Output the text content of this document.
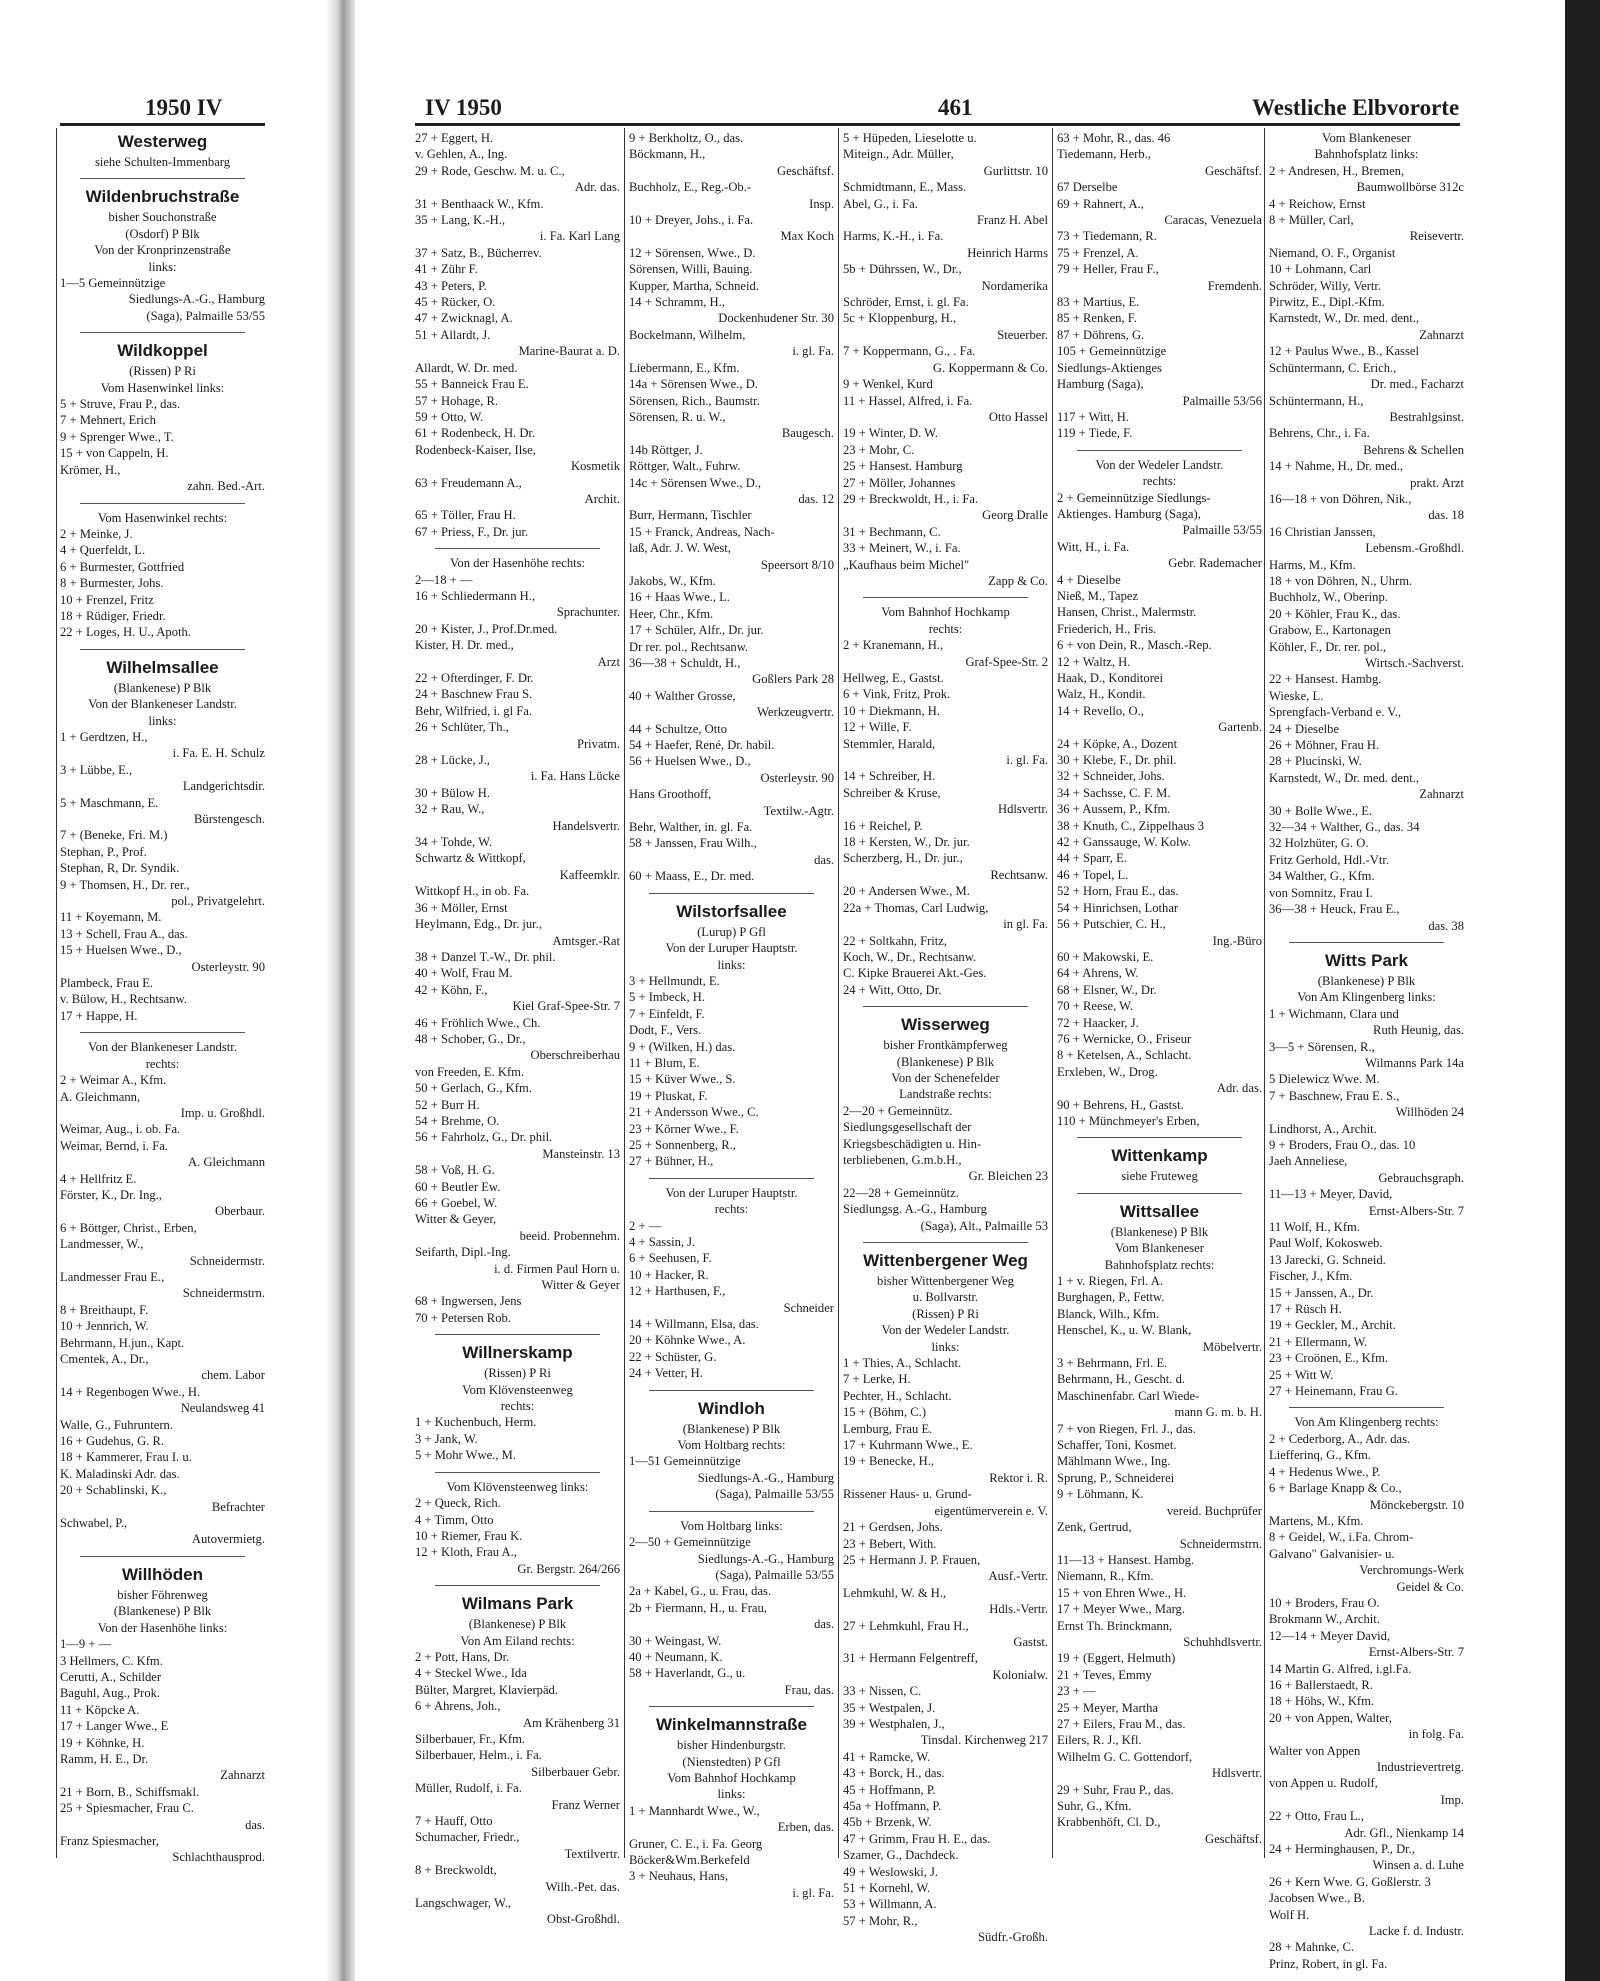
1950 IV	IV 1950	461	Westliche Elbvororte
Westerweg
siehe Schulten-Immenbarg
Wildenbruchstraße
bisher Souchonstraße
(Osdorf) P Blk
Von der Kronprinzenstraße
links:
1—5 Gemeinnützige
Siedlungs-A.-G., Hamburg
(Saga), Palmaille 53/55
Wildkoppel
(Rissen) P Ri
Vom Hasenwinkel links:
5 + Struve, Frau P., das.
7 + Mehnert, Erich
9 + Sprenger Wwe., T.
15 + von Cappeln, H.
Krömer, H.,
zahn. Bed.-Art.
Vom Hasenwinkel rechts:
2 + Meinke, J.
4 + Querfeldt, L.
6 + Burmester, Gottfried
8 + Burmester, Johs.
10 + Frenzel, Fritz
18 + Rüdiger, Friedr.
22 + Loges, H. U., Apoth.
Wilhelmsallee
(Blankenese) P Blk
Von der Blankeneser Landstr.
links:
1 + Gerdtzen, H.,
i. Fa. E. H. Schulz
3 + Lübbe, E.,
Landgerichtsdir.
5 + Maschmann, E.
Bürstengesch.
7 + (Beneke, Fri. M.)
Stephan, P., Prof.
Stephan, R, Dr. Syndik.
9 + Thomsen, H., Dr. rer.,
pol., Privatgelehrt.
11 + Koyemann, M.
13 + Schell, Frau A., das.
15 + Huelsen Wwe., D.,
Osterleystr. 90
Plambeck, Frau E.
v. Bülow, H., Rechtsanw.
17 + Happe, H.
Von der Blankeneser Landstr.
rechts:
2 + Weimar A., Kfm.
A. Gleichmann,
Imp. u. Großhdl.
Weimar, Aug., i. ob. Fa.
Weimar, Bernd, i. Fa.
A. Gleichmann
4 + Hellfritz E.
Förster, K., Dr. Ing.,
Oberbaur.
6 + Böttger, Christ., Erben,
Landmesser, W.,
Schneidermstr.
Landmesser Frau E.,
Schneidermstrn.
8 + Breithaupt, F.
10 + Jennrich, W.
Behrmann, H.jun., Kapt.
Cmentek, A., Dr.,
chem. Labor
14 + Regenbogen Wwe., H.
Neulandsweg 41
Walle, G., Fuhruntern.
16 + Gudehus, G. R.
18 + Kammerer, Frau I. u.
K. Maladinski Adr. das.
20 + Schablinski, K.,
Befrachter
Schwabel, P.,
Autovermietg.
Willhöden
bisher Föhrenweg
(Blankenese) P Blk
Von der Hasenhöhe links:
1—9 + —
3 Hellmers, C. Kfm.
Cerutti, A., Schilder
Baguhl, Aug., Prok.
11 + Köpcke A.
17 + Langer Wwe., E
19 + Köhnke, H.
Ramm, H. E., Dr.
Zahnarzt
21 + Born, B., Schiffsmakl.
25 + Spiesmacher, Frau C.
das.
Franz Spiesmacher,
Schlachthausprod.
27 + Eggert, H.
v. Gehlen, A., Ing.
29 + Rode, Geschw. M. u. C.,
Adr. das.
31 + Benthaack W., Kfm.
35 + Lang, K.-H.,
i. Fa. Karl Lang
37 + Satz, B., Bücherrev.
41 + Zühr F.
43 + Peters, P.
45 + Rücker, O.
47 + Zwicknagl, A.
51 + Allardt, J.
Marine-Baurat a. D.
Allardt, W. Dr. med.
55 + Banneick Frau E.
57 + Hohage, R.
59 + Otto, W.
61 + Rodenbeck, H. Dr.
Rodenbeck-Kaiser, Ilse,
Kosmetik
63 + Freudemann A.,
Archit.
65 + Töller, Frau H.
67 + Priess, F., Dr. jur.
Von der Hasenhöhe rechts:
2—18 + —
16 + Schliedermann H.,
Sprachunter.
20 + Kister, J., Prof.Dr.med.
Kister, H. Dr. med.,
Arzt
22 + Ofterdinger, F. Dr.
24 + Baschnew Frau S.
Behr, Wilfried, i. gl Fa.
26 + Schlüter, Th.,
Privatm.
28 + Lücke, J.,
i. Fa. Hans Lücke
30 + Bülow H.
32 + Rau, W.,
Handelsvertr.
34 + Tohde, W.
Schwartz & Wittkopf,
Kaffeemklr.
Wittkopf H., in ob. Fa.
36 + Möller, Ernst
Heylmann, Edg., Dr. jur.,
Amtsger.-Rat
38 + Danzel T.-W., Dr. phil.
40 + Wolf, Frau M.
42 + Köhn, F.,
Kiel Graf-Spee-Str. 7
46 + Fröhlich Wwe., Ch.
48 + Schober, G., Dr.,
Oberschreiberhau
von Freeden, E. Kfm.
50 + Gerlach, G., Kfm.
52 + Burr H.
54 + Brehme, O.
56 + Fahrholz, G., Dr. phil.
Mansteinstr. 13
58 + Voß, H. G.
60 + Beutler Ew.
66 + Goebel, W.
Witter & Geyer,
beeid. Probennehm.
Seifarth, Dipl.-Ing.
i. d. Firmen Paul Horn u.
Witter & Geyer
68 + Ingwersen, Jens
70 + Petersen Rob.
Willnerskamp
(Rissen) P Ri
Vom Klövensteenweg
rechts:
1 + Kuchenbuch, Herm.
3 + Jank, W.
5 + Mohr Wwe., M.
Vom Klövensteenweg links:
2 + Queck, Rich.
4 + Timm, Otto
10 + Riemer, Frau K.
12 + Kloth, Frau A.,
Gr. Bergstr. 264/266
Wilmans Park
(Blankenese) P Blk
Von Am Eiland rechts:
2 + Pott, Hans, Dr.
4 + Steckel Wwe., Ida
Bülter, Margret, Klavierpäd.
6 + Ahrens, Joh.,
Am Krähenberg 31
Silberbauer, Fr., Kfm.
Silberbauer, Helm., i. Fa.
Silberbauer Gebr.
Müller, Rudolf, i. Fa.
Franz Werner
7 + Hauff, Otto
Schumacher, Friedr.,
Textilvertr.
8 + Breckwoldt,
Wilh.-Pet. das.
Langschwager, W.,
Obst-Großhdl.
9 + Berkholtz, O., das.
Böckmann, H.,
Geschäftsf.
Buchholz, E., Reg.-Ob.-
Insp.
10 + Dreyer, Johs., i. Fa.
Max Koch
12 + Sörensen, Wwe., D.
Sörensen, Willi, Bauing.
Kupper, Martha, Schneid.
14 + Schramm, H.,
Dockenhudener Str. 30
Bockelmann, Wilhelm,
i. gl. Fa.
Liebermann, E., Kfm.
14a + Sörensen Wwe., D.
Sörensen, Rich., Baumstr.
Sörensen, R. u. W.,
Baugesch.
14b Röttger, J.
Röttger, Walt., Fuhrw.
14c + Sörensen Wwe., D.,
das. 12
Burr, Hermann, Tischler
15 + Franck, Andreas, Nach-
laß, Adr. J. W. West,
Speersort 8/10
Jakobs, W., Kfm.
16 + Haas Wwe., L.
Heer, Chr., Kfm.
17 + Schüler, Alfr., Dr. jur.
Dr rer. pol., Rechtsanw.
36—38 + Schuldt, H.,
Goßlers Park 28
40 + Walther Grosse,
Werkzeugvertr.
44 + Schultze, Otto
54 + Haefer, René, Dr. habil.
56 + Huelsen Wwe., D.,
Osterleystr. 90
Hans Groothoff,
Textilw.-Agtr.
Behr, Walther, in. gl. Fa.
58 + Janssen, Frau Wilh.,
das.
60 + Maass, E., Dr. med.
Wilstorfsallee
(Lurup) P Gfl
Von der Luruper Hauptstr.
links:
3 + Hellmundt, E.
5 + Imbeck, H.
7 + Einfeldt, F.
Dodt, F., Vers.
9 + (Wilken, H.) das.
11 + Blum, E.
15 + Küver Wwe., S.
19 + Pluskat, F.
21 + Andersson Wwe., C.
23 + Körner Wwe., F.
25 + Sonnenberg, R.,
27 + Bühner, H.,
Von der Luruper Hauptstr.
rechts:
2 + —
4 + Sassin, J.
6 + Seehusen, F.
10 + Hacker, R.
12 + Harthusen, F.,
Schneider
14 + Willmann, Elsa, das.
20 + Köhnke Wwe., A.
22 + Schüster, G.
24 + Vetter, H.
Windloh
(Blankenese) P Blk
Vom Holtbarg rechts:
1—51 Gemeinnützige
Siedlungs-A.-G., Hamburg
(Saga), Palmaille 53/55
Vom Holtbarg links:
2—50 + Gemeinnützige
Siedlungs-A.-G., Hamburg
(Saga), Palmaille 53/55
2a + Kabel, G., u. Frau, das.
2b + Fiermann, H., u. Frau,
das.
30 + Weingast, W.
40 + Neumann, K.
58 + Haverlandt, G., u.
Frau, das.
Winkelmannstraße
bisher Hindenburgstr.
(Nienstedten) P Gfl
Vom Bahnhof Hochkamp
links:
1 + Mannhardt Wwe., W.,
Erben, das.
Gruner, C. E., i. Fa. Georg
Böcker&Wm.Berkefeld
3 + Neuhaus, Hans,
i. gl. Fa.
5 + Hüpeden, Lieselotte u.
Miteign., Adr. Müller,
Gurlittstr. 10
Schmidtmann, E., Mass.
Abel, G., i. Fa.
Franz H. Abel
Harms, K.-H., i. Fa.
Heinrich Harms
5b + Dührssen, W., Dr.,
Nordamerika
Schröder, Ernst, i. gl. Fa.
5c + Kloppenburg, H.,
Steuerber.
7 + Koppermann, G., . Fa.
G. Koppermann & Co.
9 + Wenkel, Kurd
11 + Hassel, Alfred, i. Fa.
Otto Hassel
19 + Winter, D. W.
23 + Mohr, C.
25 + Hansest. Hamburg
27 + Möller, Johannes
29 + Breckwoldt, H., i. Fa.
Georg Dralle
31 + Bechmann, C.
33 + Meinert, W., i. Fa.
„Kaufhaus beim Michel"
Zapp & Co.
Vom Bahnhof Hochkamp
rechts:
2 + Kranemann, H.,
Graf-Spee-Str. 2
Hellweg, E., Gastst.
6 + Vink, Fritz, Prok.
10 + Diekmann, H.
12 + Wille, F.
Stemmler, Harald,
i. gl. Fa.
14 + Schreiber, H.
Schreiber & Kruse,
Hdlsvertr.
16 + Reichel, P.
18 + Kersten, W., Dr. jur.
Scherzberg, H., Dr. jur.,
Rechtsanw.
20 + Andersen Wwe., M.
22a + Thomas, Carl Ludwig,
in gl. Fa.
22 + Soltkahn, Fritz,
Koch, W., Dr., Rechtsanw.
C. Kipke Brauerei Akt.-Ges.
24 + Witt, Otto, Dr.
Wisserweg
bisher Frontkämpferweg
(Blankenese) P Blk
Von der Schenefelder
Landstraße rechts:
2—20 + Gemeinnütz.
Siedlungsgesellschaft der
Kriegsbeschädigten u. Hin-
terbliebenen, G.m.b.H.,
Gr. Bleichen 23
22—28 + Gemeinnütz.
Siedlungsg. A.-G., Hamburg
(Saga), Alt., Palmaille 53
Wittenbergener Weg
bisher Wittenbergener Weg
u. Bollvarstr.
(Rissen) P Ri
Von der Wedeler Landstr.
links:
1 + Thies, A., Schlacht.
7 + Lerke, H.
Pechter, H., Schlacht.
15 + (Böhm, C.)
Lemburg, Frau E.
17 + Kuhrmann Wwe., E.
19 + Benecke, H.,
Rektor i. R.
Rissener Haus- u. Grund-
eigentümerverein e. V.
21 + Gerdsen, Johs.
23 + Bebert, With.
25 + Hermann J. P. Frauen,
Ausf.-Vertr.
Lehmkuhl, W. & H.,
Hdls.-Vertr.
27 + Lehmkuhl, Frau H.,
Gastst.
31 + Hermann Felgentreff,
Kolonialw.
33 + Nissen, C.
35 + Westpalen, J.
39 + Westphalen, J.,
Tinsdal. Kirchenweg 217
41 + Ramcke, W.
43 + Borck, H., das.
45 + Hoffmann, P.
45a + Hoffmann, P.
45b + Brzenk, W.
47 + Grimm, Frau H. E., das.
Szamer, G., Dachdeck.
49 + Weslowski, J.
51 + Kornehl, W.
53 + Willmann, A.
57 + Mohr, R.,
Südfr.-Großh.
63 + Mohr, R., das. 46
Tiedemann, Herb.,
Geschäftsf.
67 Derselbe
69 + Rahnert, A.,
Caracas, Venezuela
73 + Tiedemann, R.
75 + Frenzel, A.
79 + Heller, Frau F.,
Fremdenh.
83 + Martius, E.
85 + Renken, F.
87 + Döhrens, G.
105 + Gemeinnützige
Siedlungs-Aktienges
Hamburg (Saga),
Palmaille 53/56
117 + Witt, H.
119 + Tiede, F.
Von der Wedeler Landstr.
rechts:
2 + Gemeinnützige Siedlungs-
Aktienges. Hamburg (Saga),
Palmaille 53/55
Witt, H., i. Fa.
Gebr. Rademacher
4 + Dieselbe
Nieß, M., Tapez
Hansen, Christ., Malermstr.
Friederich, H., Fris.
6 + von Dein, R., Masch.-Rep.
12 + Waltz, H.
Haak, D., Konditorei
Walz, H., Kondit.
14 + Revello, O.,
Gartenb.
24 + Köpke, A., Dozent
30 + Klebe, F., Dr. phil.
32 + Schneider, Johs.
34 + Sachsse, C. F. M.
36 + Aussem, P., Kfm.
38 + Knuth, C., Zippelhaus 3
42 + Ganssauge, W. Kolw.
44 + Sparr, E.
46 + Topel, L.
52 + Horn, Frau E., das.
54 + Hinrichsen, Lothar
56 + Putschier, C. H.,
Ing.-Büro
60 + Makowski, E.
64 + Ahrens, W.
68 + Elsner, W., Dr.
70 + Reese, W.
72 + Haacker, J.
76 + Wernicke, O., Friseur
8 + Ketelsen, A., Schlacht.
Erxleben, W., Drog.
Adr. das.
90 + Behrens, H., Gastst.
110 + Münchmeyer's Erben,
Wittenkamp
siehe Fruteweg
Wittsallee
(Blankenese) P Blk
Vom Blankeneser
Bahnhofsplatz rechts:
1 + v. Riegen, Frl. A.
Burghagen, P., Fettw.
Blanck, Wilh., Kfm.
Henschel, K., u. W. Blank,
Möbelvertr.
3 + Behrmann, Frl. E.
Behrmann, H., Gescht. d.
Maschinenfabr. Carl Wiede-
mann G. m. b. H.
7 + von Riegen, Frl. J., das.
Schaffer, Toni, Kosmet.
Mählmann Wwe., Ing.
Sprung, P., Schneiderei
9 + Löhmann, K.
vereid. Buchprüfer
Zenk, Gertrud,
Schneidermstrn.
11—13 + Hansest. Hambg.
Niemann, R., Kfm.
15 + von Ehren Wwe., H.
17 + Meyer Wwe., Marg.
Ernst Th. Brinckmann,
Schuhhdlsvertr.
19 + (Eggert, Helmuth)
21 + Teves, Emmy
23 + —
25 + Meyer, Martha
27 + Eilers, Frau M., das.
Eilers, R. J., Kfl.
Wilhelm G. C. Gottendorf,
Hdlsvertr.
29 + Suhr, Frau P., das.
Suhr, G., Kfm.
Krabbenhöft, Cl. D.,
Geschäftsf.
Vom Blankeneser
Bahnhofsplatz links:
2 + Andresen, H., Bremen,
Baumwollbörse 312c
4 + Reichow, Ernst
8 + Müller, Carl,
Reisevertr.
Niemand, O. F., Organist
10 + Lohmann, Carl
Schröder, Willy, Vertr.
Pirwitz, E., Dipl.-Kfm.
Karnstedt, W., Dr. med. dent.,
Zahnarzt
12 + Paulus Wwe., B., Kassel
Schüntermann, C. Erich.,
Dr. med., Facharzt
Schüntermann, H.,
Bestrahlgsinst.
Behrens, Chr., i. Fa.
Behrens & Schellen
14 + Nahme, H., Dr. med.,
prakt. Arzt
16—18 + von Döhren, Nik.,
das. 18
16 Christian Janssen,
Lebensm.-Großhdl.
Harms, M., Kfm.
18 + von Döhren, N., Uhrm.
Buchholz, W., Oberinp.
20 + Köhler, Frau K., das.
Grabow, E., Kartonagen
Köhler, F., Dr. rer. pol.,
Wirtsch.-Sachverst.
22 + Hansest. Hambg.
Wieske, L.
Sprengfach-Verband e. V.,
24 + Dieselbe
26 + Möhner, Frau H.
28 + Plucinski, W.
Karnstedt, W., Dr. med. dent.,
Zahnarzt
30 + Bolle Wwe., E.
32—34 + Walther, G., das. 34
32 Holzhüter, G. O.
Fritz Gerhold, Hdl.-Vtr.
34 Walther, G., Kfm.
von Somnitz, Frau I.
36—38 + Heuck, Frau E.,
das. 38
Witts Park
(Blankenese) P Blk
Von Am Klingenberg links:
1 + Wichmann, Clara und
Ruth Heunig, das.
3—5 + Sörensen, R.,
Wilmanns Park 14a
5 Dielewicz Wwe. M.
7 + Baschnew, Frau E. S.,
Willhöden 24
Lindhorst, A., Archit.
9 + Broders, Frau O., das. 10
Jaeh Anneliese,
Gebrauchsgraph.
11—13 + Meyer, David,
Ernst-Albers-Str. 7
11 Wolf, H., Kfm.
Paul Wolf, Kokosweb.
13 Jarecki, G. Schneid.
Fischer, J., Kfm.
15 + Janssen, A., Dr.
17 + Rüsch H.
19 + Geckler, M., Archit.
21 + Ellermann, W.
23 + Croönen, E., Kfm.
25 + Witt W.
27 + Heinemann, Frau G.
Von Am Klingenberg rechts:
2 + Cederborg, A., Adr. das.
Liefferinq, G., Kfm.
4 + Hedenus Wwe., P.
6 + Barlage Knapp & Co.,
Mönckebergstr. 10
Martens, M., Kfm.
8 + Geidel, W., i.Fa. Chrom-
Galvano" Galvanisier- u.
Verchromungs-Werk
Geidel & Co.
10 + Broders, Frau O.
Brokmann W., Archit.
12—14 + Meyer David,
Ernst-Albers-Str. 7
14 Martin G. Alfred, i.gl.Fa.
16 + Ballerstaedt, R.
18 + Höhs, W., Kfm.
20 + von Appen, Walter,
in folg. Fa.
Walter von Appen
Industrievertretg.
von Appen u. Rudolf,
Imp.
22 + Otto, Frau L.,
Adr. Gfl., Nienkamp 14
24 + Herminghausen, P., Dr.,
Winsen a. d. Luhe
26 + Kern Wwe. G. Goßlerstr. 3
Jacobsen Wwe., B.
Wolf H.
Lacke f. d. Industr.
28 + Mahnke, C.
Prinz, Robert, in gl. Fa.
